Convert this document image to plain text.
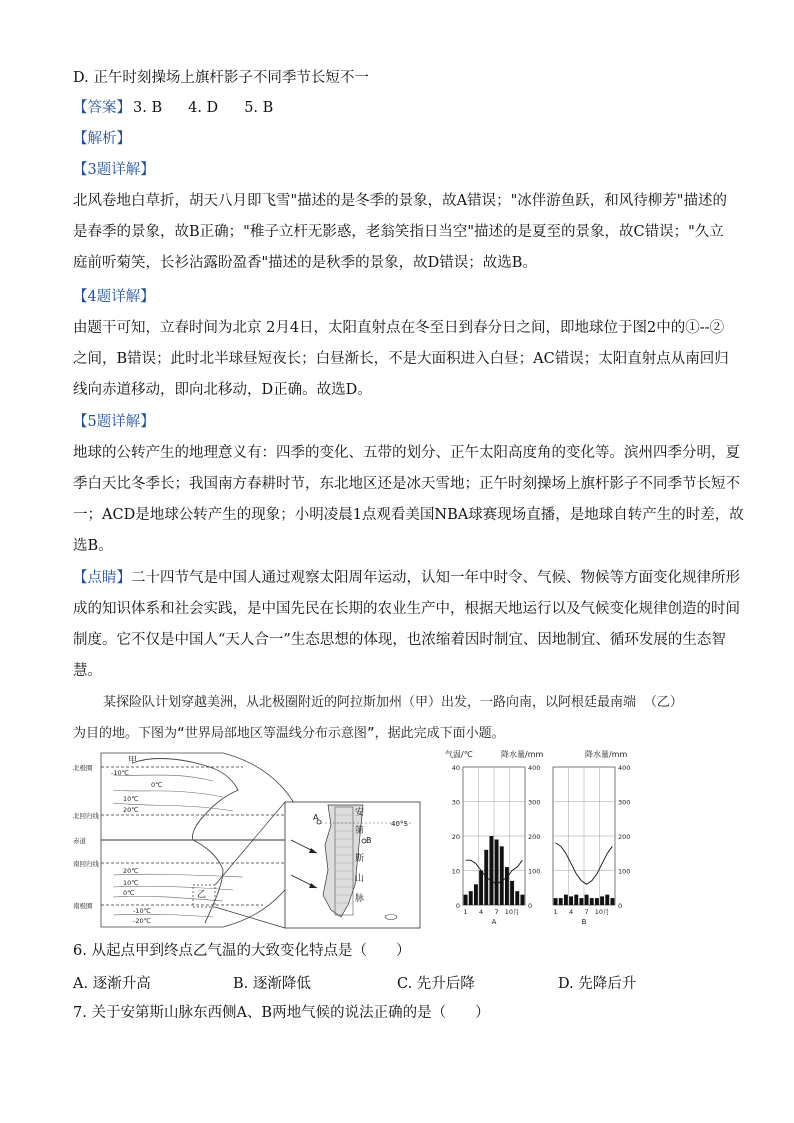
D. 正午时刻操场上旗杆影子不同季节长短不一
【答案】 3. B 4. D 5. B
【解析】
【3题详解】
北风卷地白草折，胡天八月即飞雪"描述的是冬季的景象，故A错误；"冰伴游鱼跃，和风待柳芳"描述的
是春季的景象，故B正确；"稚子立杆无影惑，老翁笑指日当空"描述的是夏至的景象，故C错误；"久立
庭前听菊笑，长衫沾露盼盈香"描述的是秋季的景象，故D错误；故选B。
【4题详解】
由题干可知，立春时间为北京 2月4日，太阳直射点在冬至日到春分日之间，即地球位于图2中的①--②
之间，B错误；此时北半球昼短夜长；白昼渐长，不是大面积进入白昼；AC错误；太阳直射点从南回归
线向赤道移动，即向北移动，D正确。故选D。
【5题详解】
地球的公转产生的地理意义有：四季的变化、五带的划分、正午太阳高度角的变化等。滨州四季分明，夏
季白天比冬季长；我国南方春耕时节，东北地区还是冰天雪地；正午时刻操场上旗杆影子不同季节长短不
一；ACD是地球公转产生的现象；小明凌晨1点观看美国NBA球赛现场直播，是地球自转产生的时差，故
选B。
【点睛】二十四节气是中国人通过观察太阳周年运动，认知一年中时令、气候、物候等方面变化规律所形
成的知识体系和社会实践，是中国先民在长期的农业生产中，根据天地运行以及气候变化规律创造的时间
制度。它不仅是中国人“天人合一”生态思想的体现，也浓缩着因时制宜、因地制宜、循环发展的生态智
慧。
某探险队计划穿越美洲，从北极圈附近的阿拉斯加州（甲）出发，一路向南，以阿根廷最南端 （乙）
为目的地。下图为“世界局部地区等温线分布示意图”，据此完成下面小题。
北极圈
北回归线
赤道
南回归线
南极圈
-10℃
0℃
10℃
20℃
20℃
10℃
0℃
-10℃
-20℃
甲
乙
安
第
斯
山
脉
40°S
A
B
气温/℃	降水量/mm
0
10
20
30
40
0
100
200
300
400
1 4 7 10月
A
降水量/mm
0
100
200
300
400
1 4 7 10月
B
6. 从起点甲到终点乙气温的大致变化特点是（　　）
A. 逐渐升高	B. 逐渐降低	C. 先升后降	D. 先降后升
7. 关于安第斯山脉东西侧A、B两地气候的说法正确的是（　　）
